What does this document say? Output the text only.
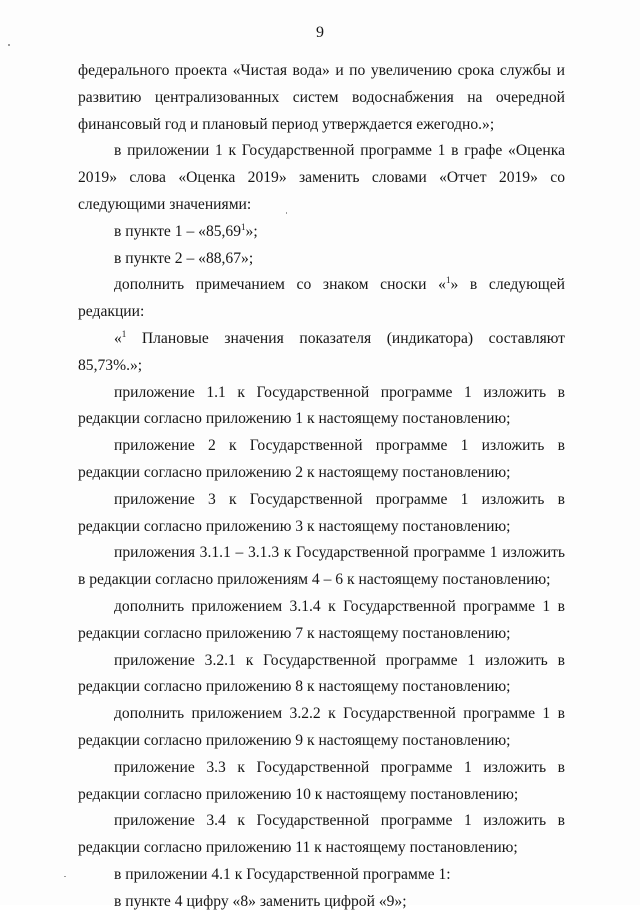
9

федерального проекта «Чистая вода» и по увеличению срока службы и развитию централизованных систем водоснабжения на очередной финансовый год и плановый период утверждается ежегодно.»;

в приложении 1 к Государственной программе 1 в графе «Оценка 2019» слова «Оценка 2019» заменить словами «Отчет 2019» со следующими значениями:

в пункте 1 – «85,69$^1$»;

в пункте 2 – «88,67»;

дополнить примечанием со знаком сноски «$^1$» в следующей редакции:

«$^1$ Плановые значения показателя (индикатора) составляют 85,73%.»;

приложение 1.1 к Государственной программе 1 изложить в редакции согласно приложению 1 к настоящему постановлению;

приложение 2 к Государственной программе 1 изложить в редакции согласно приложению 2 к настоящему постановлению;

приложение 3 к Государственной программе 1 изложить в редакции согласно приложению 3 к настоящему постановлению;

приложения 3.1.1 – 3.1.3 к Государственной программе 1 изложить в редакции согласно приложениям 4 – 6 к настоящему постановлению;

дополнить приложением 3.1.4 к Государственной программе 1 в редакции согласно приложению 7 к настоящему постановлению;

приложение 3.2.1 к Государственной программе 1 изложить в редакции согласно приложению 8 к настоящему постановлению;

дополнить приложением 3.2.2 к Государственной программе 1 в редакции согласно приложению 9 к настоящему постановлению;

приложение 3.3 к Государственной программе 1 изложить в редакции согласно приложению 10 к настоящему постановлению;

приложение 3.4 к Государственной программе 1 изложить в редакции согласно приложению 11 к настоящему постановлению;

в приложении 4.1 к Государственной программе 1:

в пункте 4 цифру «8» заменить цифрой «9»;
